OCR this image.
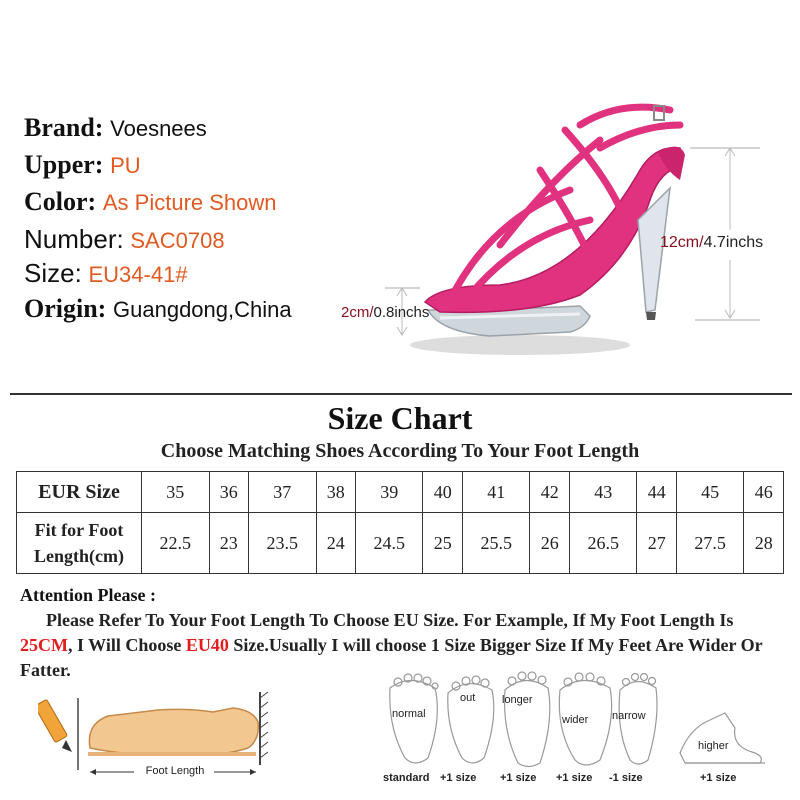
Brand: Voesnees
Upper: PU
Color: As Picture Shown
Number: SAC0708
Size: EU34-41#
Origin: Guangdong,China	2cm/0.8inchs
12cm/4.7inchs
Size Chart
Choose Matching Shoes According To Your Foot Length
EUR Size	35	36	37	38	39	40	41	42	43	44	45	46

Fit for Foot
Length(cm)	22.5	23	23.5	24	24.5	25	25.5	26	26.5	27	27.5	28
Attention Please :
Please Refer To Your Foot Length To Choose EU Size. For Example, If My Foot Length Is 25CM, I Will Choose EU40 Size.Usually I will choose 1 Size Bigger Size If My Feet Are Wider Or Fatter.
Foot Length
normal
out longer
wider narrow
higher
standard +1 size +1 size +1 size -1 size	+1 size
